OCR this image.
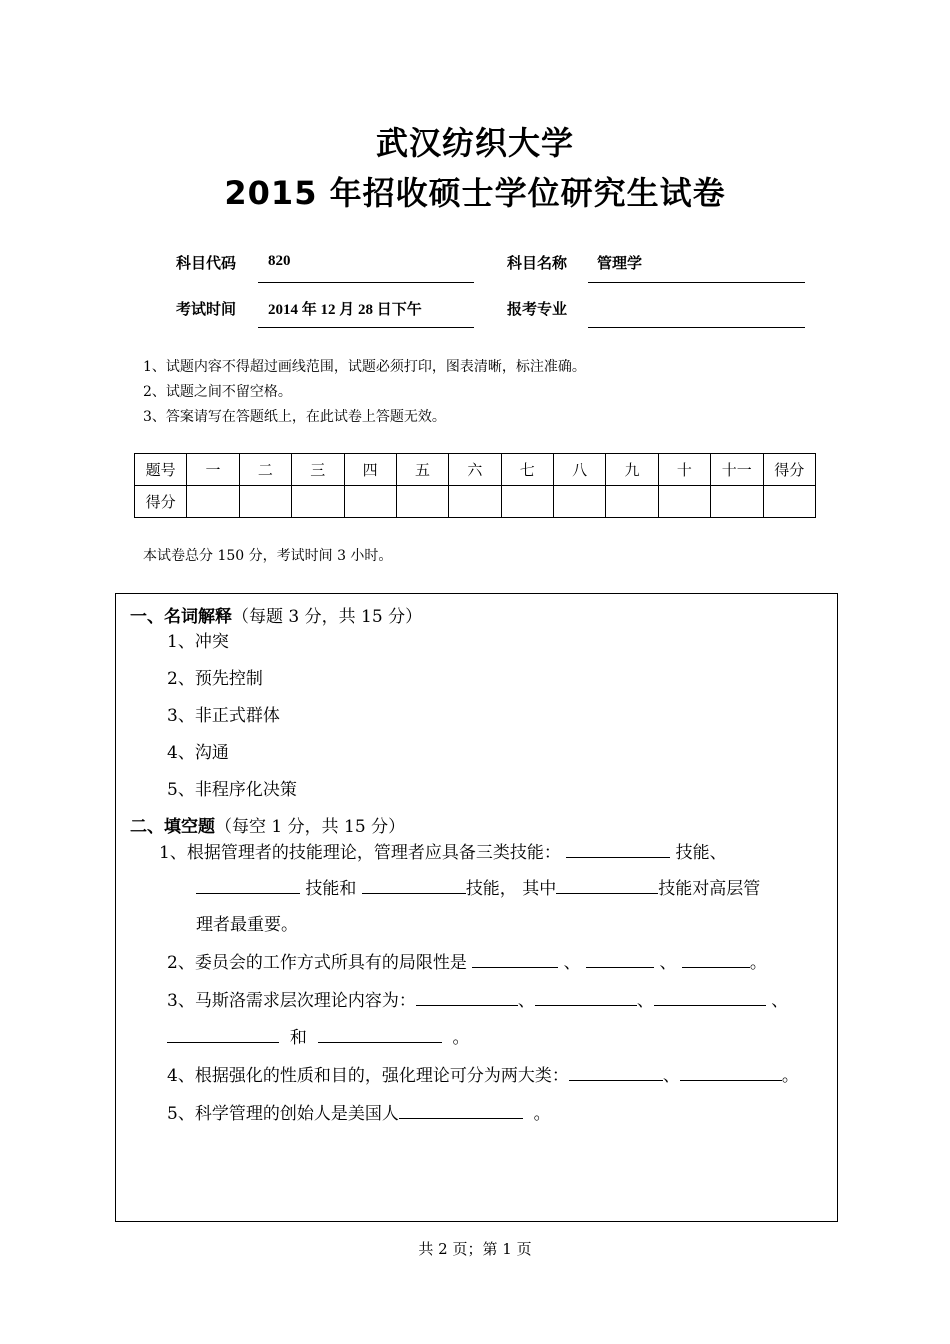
武汉纺织大学
2015 年招收硕士学位研究生试卷
科目代码 820	科目名称 管理学
考试时间 2014 年 12 月 28 日下午	报考专业
1、试题内容不得超过画线范围，试题必须打印，图表清晰，标注准确。
2、试题之间不留空格。
3、答案请写在答题纸上，在此试卷上答题无效。
题号	一	二	三	四	五	六	七	八	九	十	十一	得分
得分												
本试卷总分 150 分，考试时间 3 小时。
一、名词解释（每题 3 分，共 15 分）
1、冲突
2、预先控制
3、非正式群体
4、沟通
5、非程序化决策
二、填空题（每空 1 分，共 15 分）
1、根据管理者的技能理论，管理者应具备三类技能：	技能、
技能和	技能， 其中	技能对高层管
理者最重要。
2、委员会的工作方式所具有的局限性是	、	、	。
3、马斯洛需求层次理论内容为：	、	、	、
和	。
4、根据强化的性质和目的，强化理论可分为两大类：	、	。
5、科学管理的创始人是美国人	。
共 2 页；第 1 页
